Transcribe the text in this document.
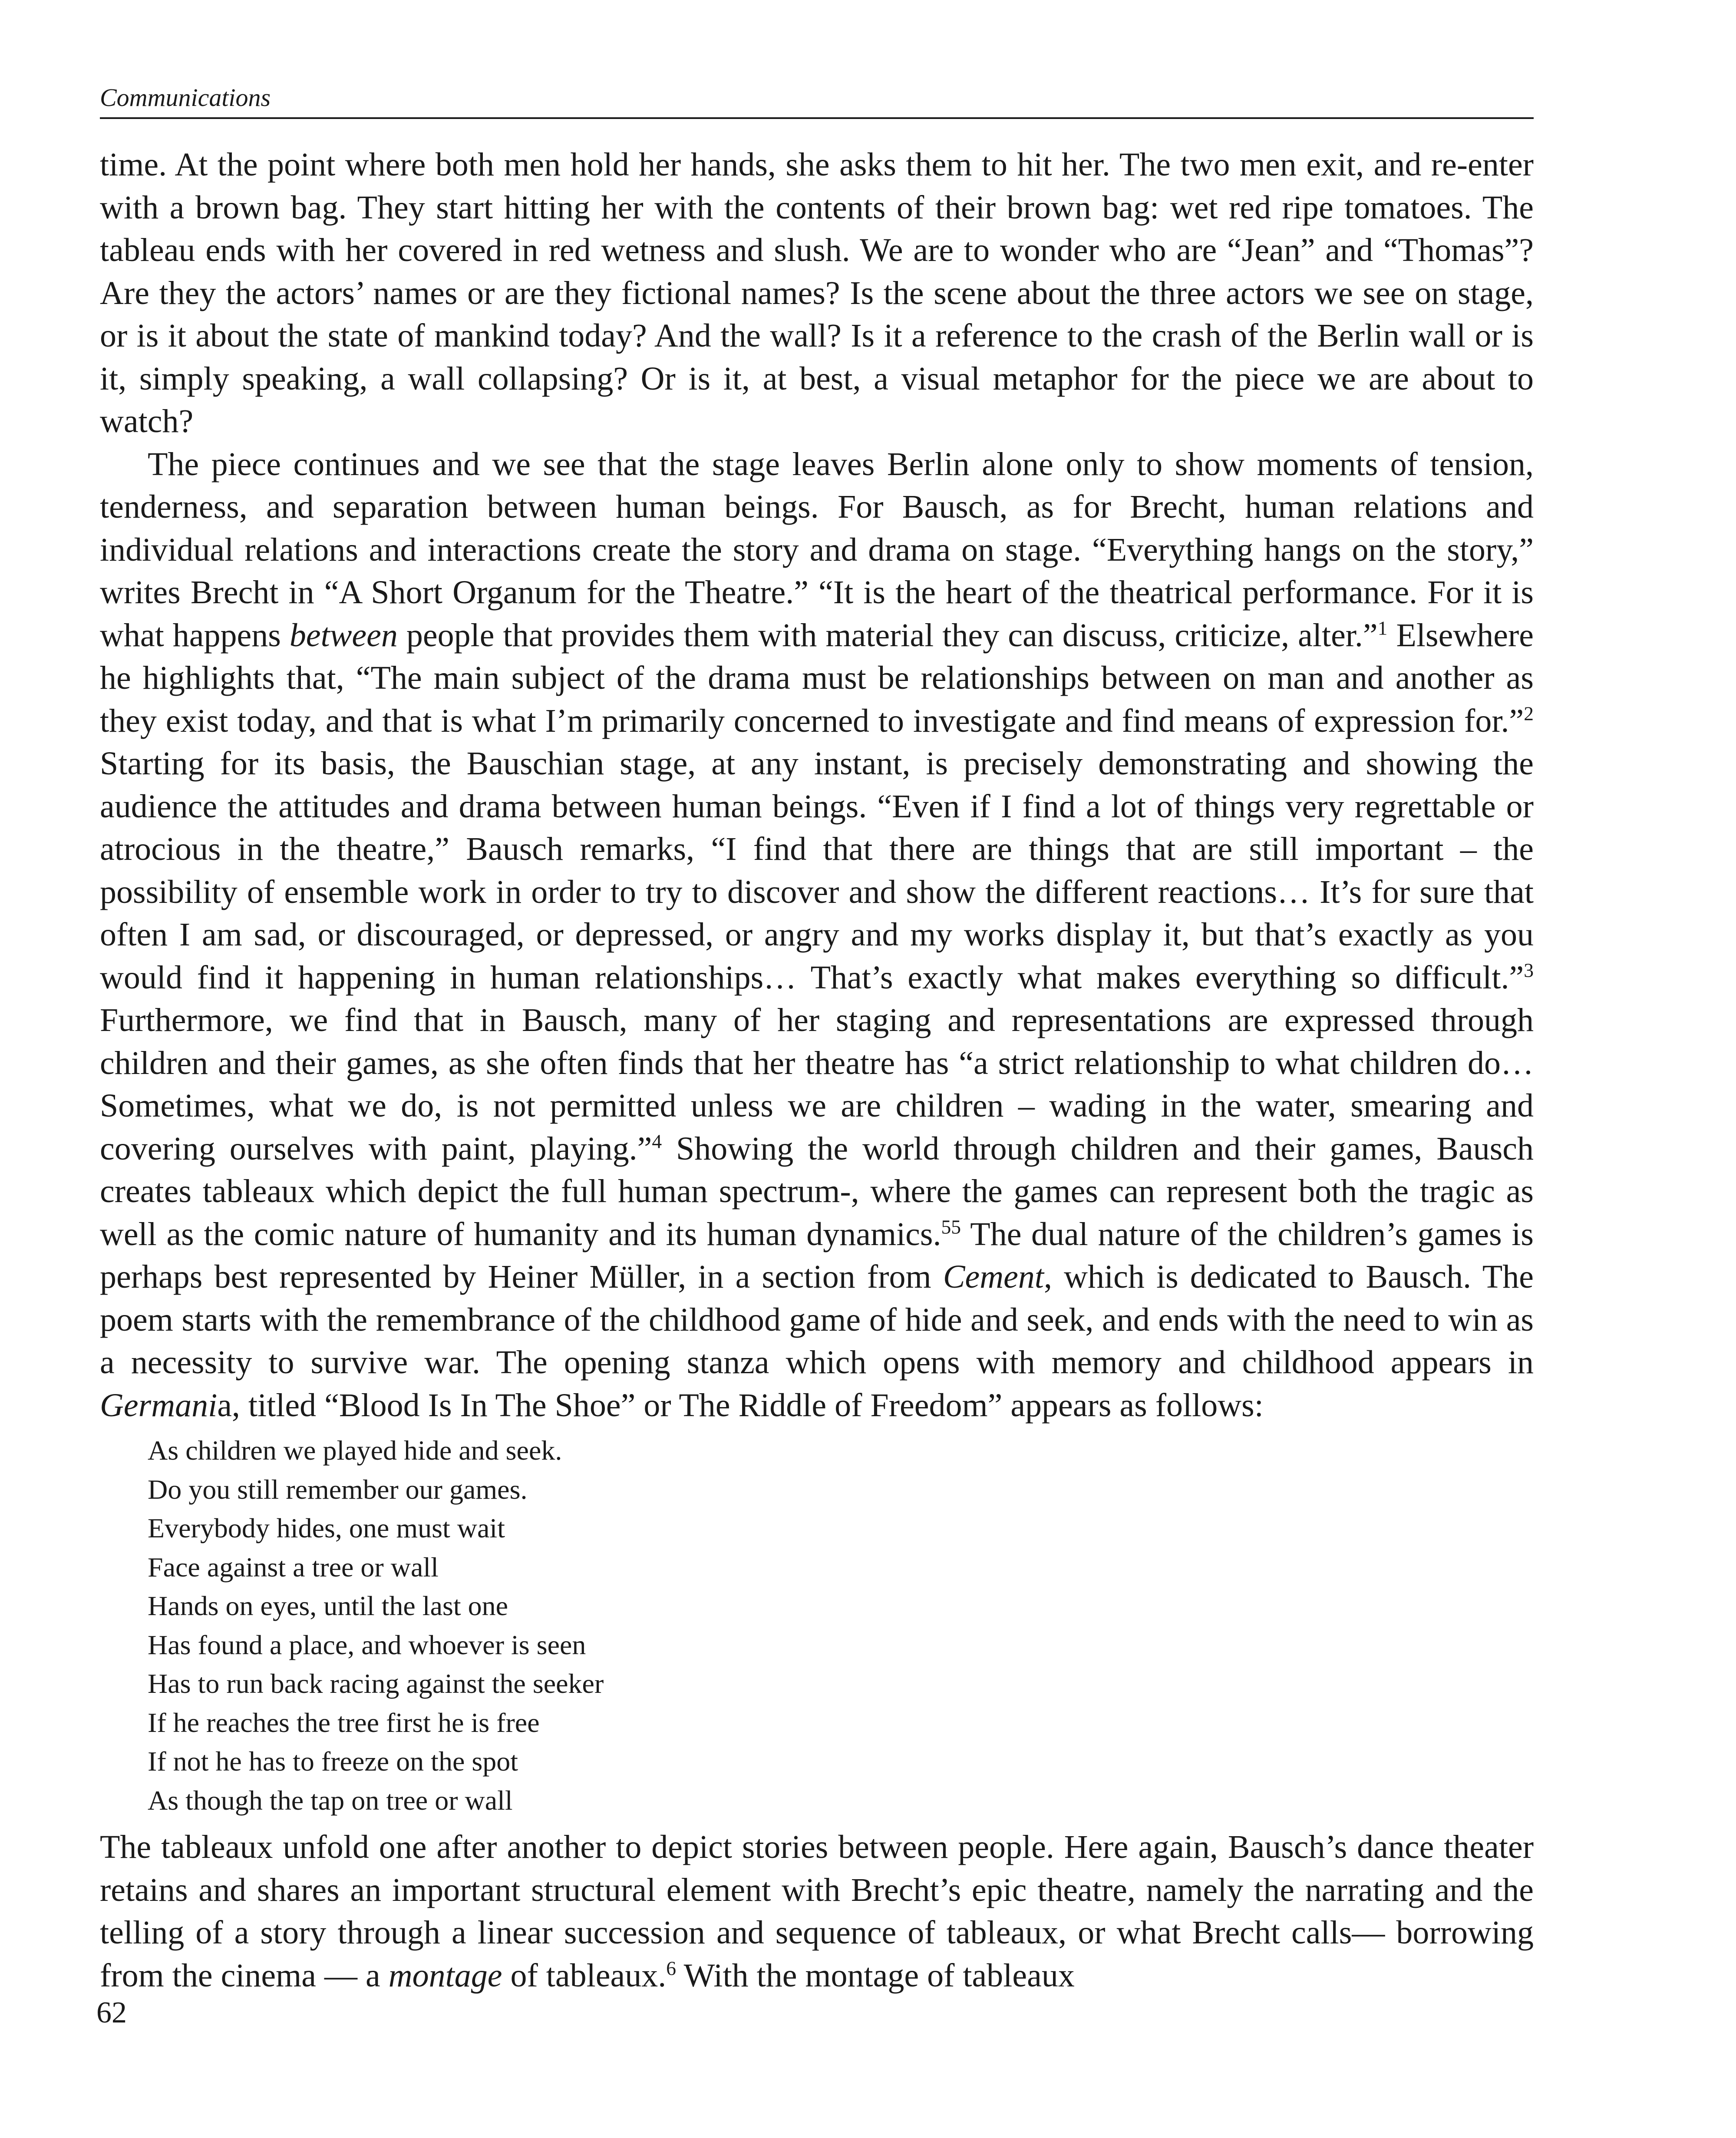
Communications

time. At the point where both men hold her hands, she asks them to hit her. The two men exit, and re-enter with a brown bag. They start hitting her with the contents of their brown bag: wet red ripe tomatoes. The tableau ends with her covered in red wetness and slush. We are to wonder who are “Jean” and “Thomas”? Are they the actors’ names or are they fictional names? Is the scene about the three actors we see on stage, or is it about the state of mankind today? And the wall? Is it a reference to the crash of the Berlin wall or is it, simply speaking, a wall collapsing? Or is it, at best, a visual metaphor for the piece we are about to watch?

The piece continues and we see that the stage leaves Berlin alone only to show moments of tension, tenderness, and separation between human beings. For Bausch, as for Brecht, human relations and individual relations and interactions create the story and drama on stage. “Everything hangs on the story,” writes Brecht in “A Short Organum for the Theatre.” “It is the heart of the theatrical performance. For it is what happens between people that provides them with material they can discuss, criticize, alter.”$^1$ Elsewhere he highlights that, “The main subject of the drama must be relationships between on man and another as they exist today, and that is what I’m primarily concerned to investigate and find means of expression for.”$^2$ Starting for its basis, the Bauschian stage, at any instant, is precisely demonstrating and showing the audience the attitudes and drama between human beings. “Even if I find a lot of things very regrettable or atrocious in the theatre,” Bausch remarks, “I find that there are things that are still important – the possibility of ensemble work in order to try to discover and show the different reactions… It’s for sure that often I am sad, or discouraged, or depressed, or angry and my works display it, but that’s exactly as you would find it happening in human relationships… That’s exactly what makes everything so difficult.”$^3$ Furthermore, we find that in Bausch, many of her staging and representations are expressed through children and their games, as she often finds that her theatre has “a strict relationship to what children do… Sometimes, what we do, is not permitted unless we are children – wading in the water, smearing and covering ourselves with paint, playing.”$^4$ Showing the world through children and their games, Bausch creates tableaux which depict the full human spectrum-, where the games can represent both the tragic as well as the comic nature of humanity and its human dynamics.$^{55}$ The dual nature of the children’s games is perhaps best represented by Heiner Müller, in a section from Cement, which is dedicated to Bausch. The poem starts with the remembrance of the childhood game of hide and seek, and ends with the need to win as a necessity to survive war. The opening stanza which opens with memory and childhood appears in Germania, titled “Blood Is In The Shoe” or The Riddle of Freedom” appears as follows:

As children we played hide and seek.
Do you still remember our games.
Everybody hides, one must wait
Face against a tree or wall
Hands on eyes, until the last one
Has found a place, and whoever is seen
Has to run back racing against the seeker
If he reaches the tree first he is free
If not he has to freeze on the spot
As though the tap on tree or wall

The tableaux unfold one after another to depict stories between people. Here again, Bausch’s dance theater retains and shares an important structural element with Brecht’s epic theatre, namely the narrating and the telling of a story through a linear succession and sequence of tableaux, or what Brecht calls— borrowing from the cinema — a montage of tableaux.$^6$ With the montage of tableaux

62
